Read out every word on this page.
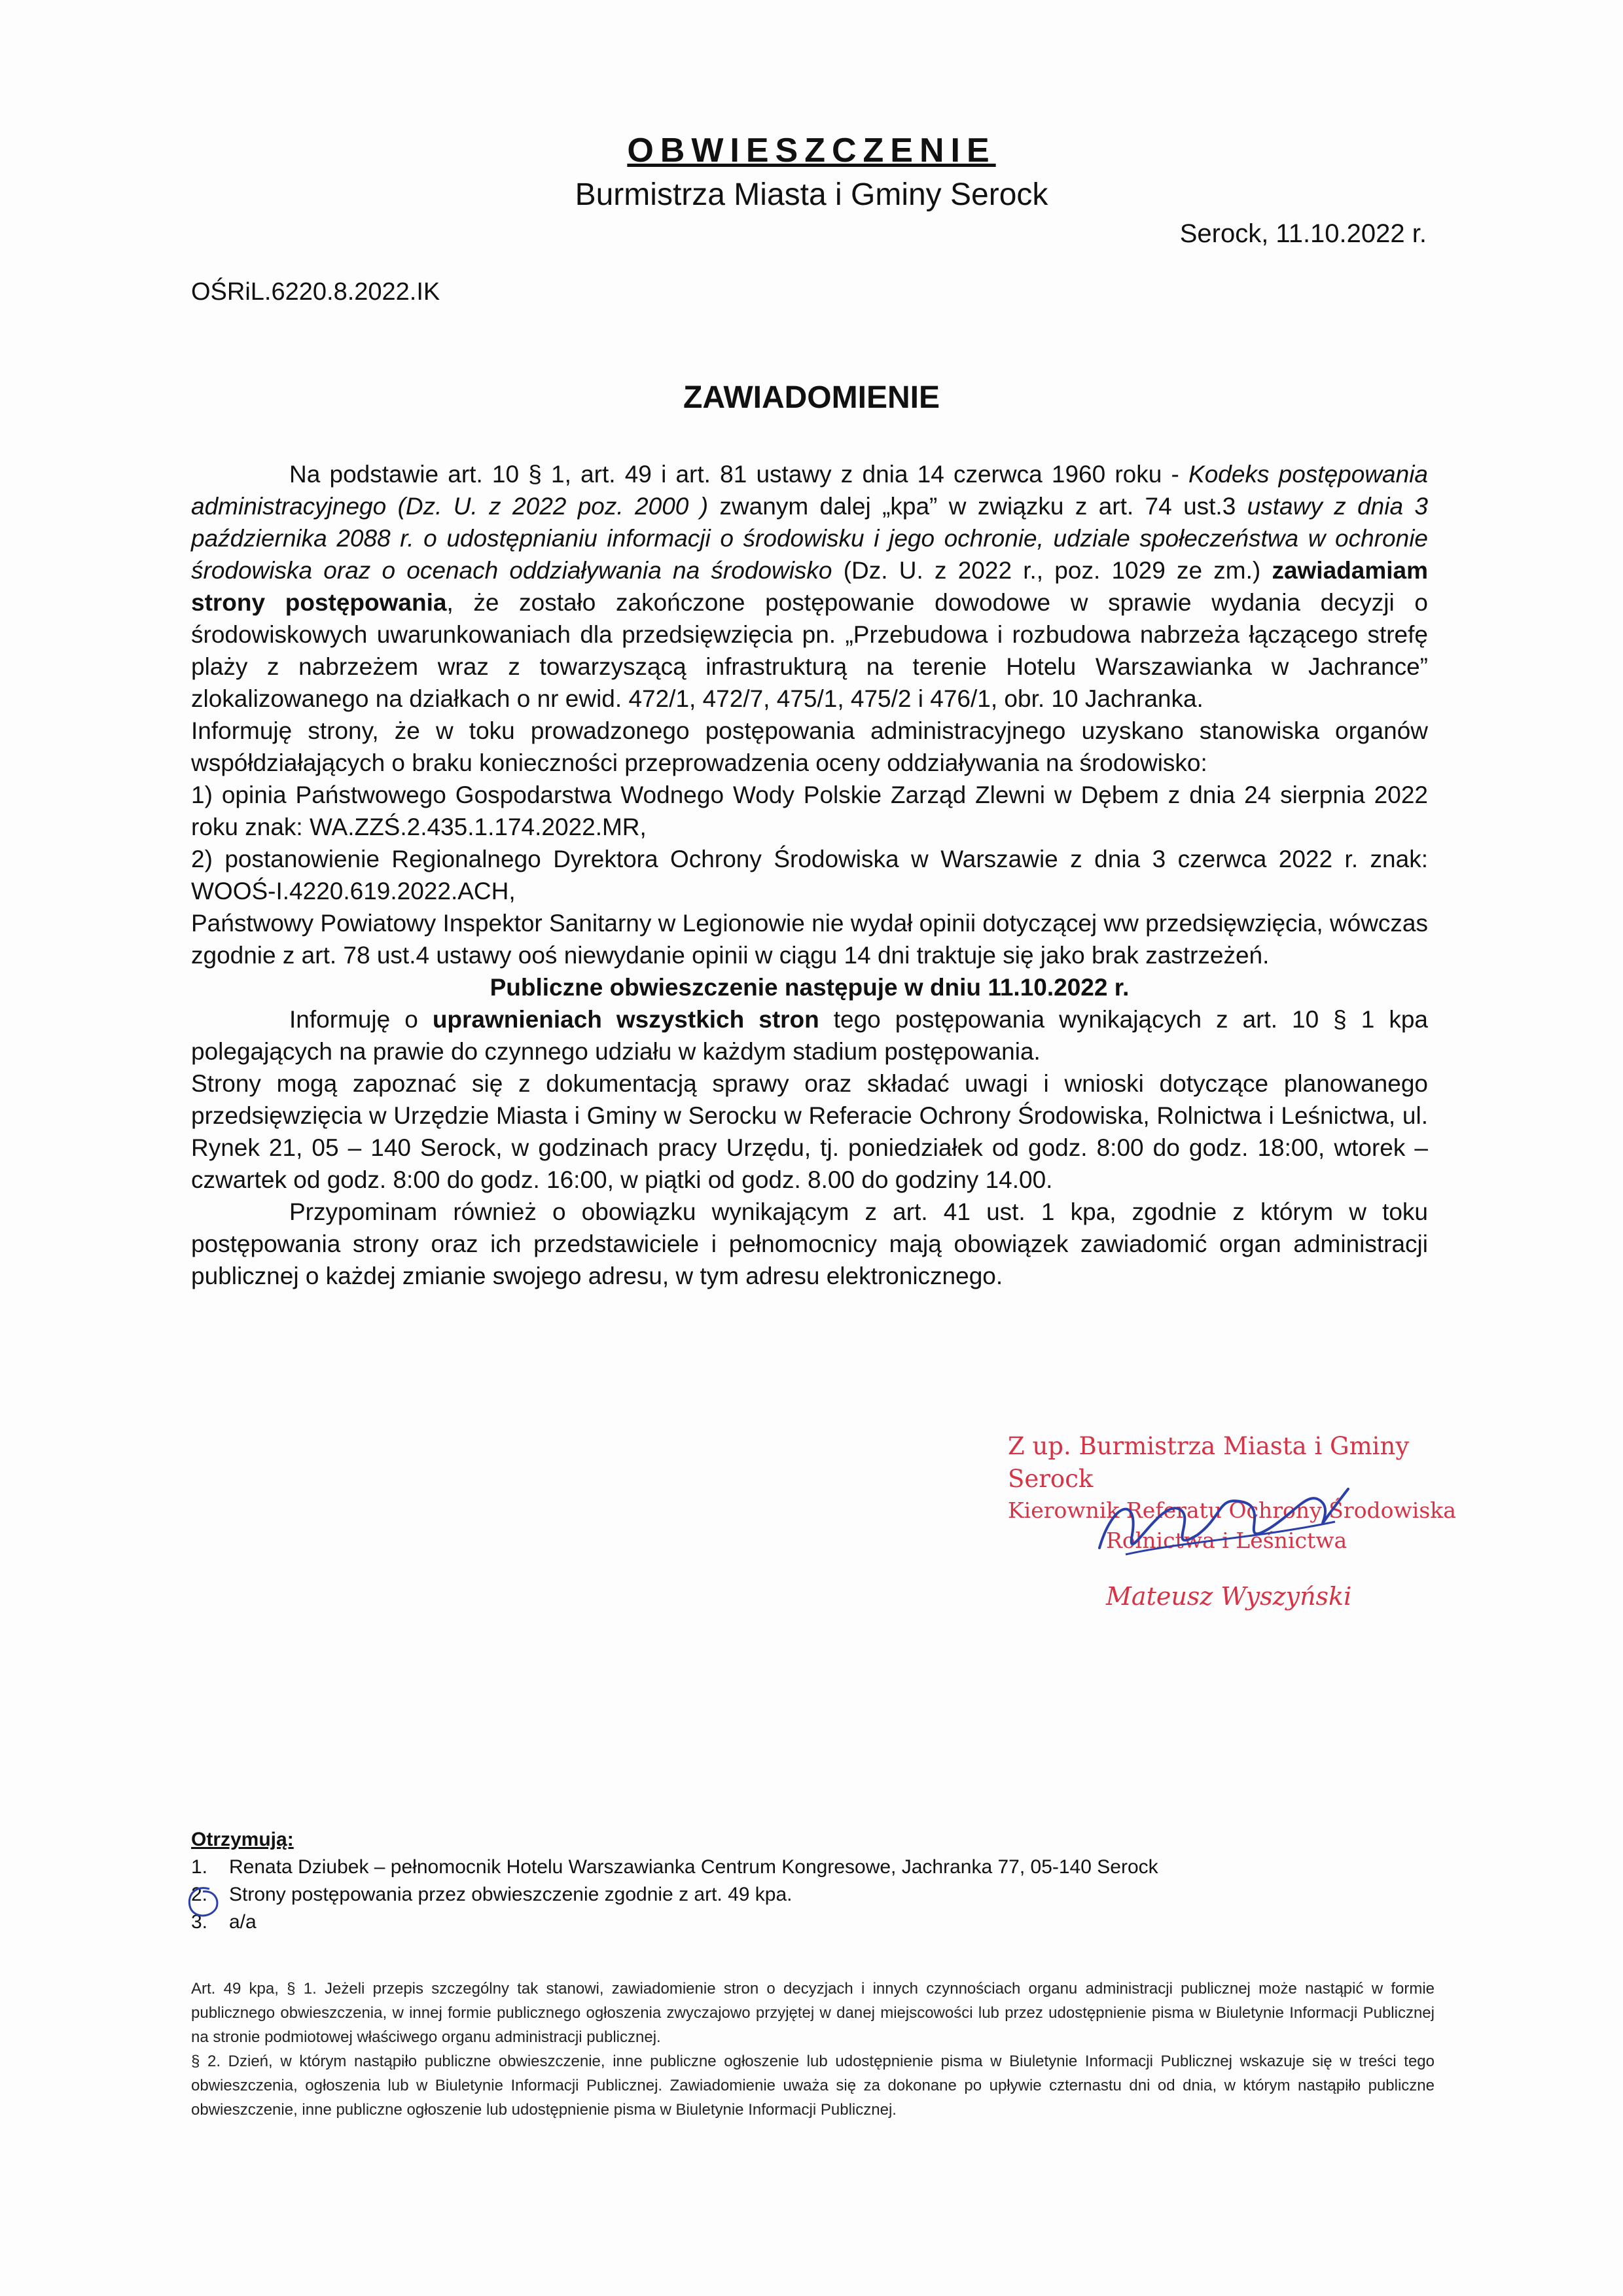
OBWIESZCZENIE
Burmistrza Miasta i Gminy Serock
Serock, 11.10.2022 r.
OŚRiL.6220.8.2022.IK
ZAWIADOMIENIE

Na podstawie art. 10 § 1, art. 49 i art. 81 ustawy z dnia 14 czerwca 1960 roku - Kodeks postępowania administracyjnego (Dz. U. z 2022 poz. 2000 ) zwanym dalej „kpa” w związku z art. 74 ust.3 ustawy z dnia 3 października 2088 r. o udostępnianiu informacji o środowisku i jego ochronie, udziale społeczeństwa w ochronie środowiska oraz o ocenach oddziaływania na środowisko (Dz. U. z 2022 r., poz. 1029 ze zm.) zawiadamiam strony postępowania, że zostało zakończone postępowanie dowodowe w sprawie wydania decyzji o środowiskowych uwarunkowaniach dla przedsięwzięcia pn. „Przebudowa i rozbudowa nabrzeża łączącego strefę plaży z nabrzeżem wraz z towarzyszącą infrastrukturą na terenie Hotelu Warszawianka w Jachrance” zlokalizowanego na działkach o nr ewid. 472/1, 472/7, 475/1, 475/2 i 476/1, obr. 10 Jachranka.

Informuję strony, że w toku prowadzonego postępowania administracyjnego uzyskano stanowiska organów współdziałających o braku konieczności przeprowadzenia oceny oddziaływania na środowisko:

1) opinia Państwowego Gospodarstwa Wodnego Wody Polskie Zarząd Zlewni w Dębem z dnia 24 sierpnia 2022 roku znak: WA.ZZŚ.2.435.1.174.2022.MR,

2) postanowienie Regionalnego Dyrektora Ochrony Środowiska w Warszawie z dnia 3 czerwca 2022 r. znak: WOOŚ-I.4220.619.2022.ACH,

Państwowy Powiatowy Inspektor Sanitarny w Legionowie nie wydał opinii dotyczącej ww przedsięwzięcia, wówczas zgodnie z art. 78 ust.4 ustawy ooś niewydanie opinii w ciągu 14 dni traktuje się jako brak zastrzeżeń.

Publiczne obwieszczenie następuje w dniu 11.10.2022 r.

Informuję o uprawnieniach wszystkich stron tego postępowania wynikających z art. 10 § 1 kpa polegających na prawie do czynnego udziału w każdym stadium postępowania.

Strony mogą zapoznać się z dokumentacją sprawy oraz składać uwagi i wnioski dotyczące planowanego przedsięwzięcia w Urzędzie Miasta i Gminy w Serocku w Referacie Ochrony Środowiska, Rolnictwa i Leśnictwa, ul. Rynek 21, 05 – 140 Serock, w godzinach pracy Urzędu, tj. poniedziałek od godz. 8:00 do godz. 18:00, wtorek – czwartek od godz. 8:00 do godz. 16:00, w piątki od godz. 8.00 do godziny 14.00.

Przypominam również o obowiązku wynikającym z art. 41 ust. 1 kpa, zgodnie z którym w toku postępowania strony oraz ich przedstawiciele i pełnomocnicy mają obowiązek zawiadomić organ administracji publicznej o każdej zmianie swojego adresu, w tym adresu elektronicznego.

Z up. Burmistrza Miasta i Gminy Serock
Kierownik Referatu Ochrony Środowiska
Rolnictwa i Leśnictwa
Mateusz Wyszyński
Otrzymują:
1.	Renata Dziubek – pełnomocnik Hotelu Warszawianka Centrum Kongresowe, Jachranka 77, 05-140 Serock
2.	Strony postępowania przez obwieszczenie zgodnie z art. 49 kpa.
3.	a/a

Art. 49 kpa, § 1. Jeżeli przepis szczególny tak stanowi, zawiadomienie stron o decyzjach i innych czynnościach organu administracji publicznej może nastąpić w formie publicznego obwieszczenia, w innej formie publicznego ogłoszenia zwyczajowo przyjętej w danej miejscowości lub przez udostępnienie pisma w Biuletynie Informacji Publicznej na stronie podmiotowej właściwego organu administracji publicznej.

§ 2. Dzień, w którym nastąpiło publiczne obwieszczenie, inne publiczne ogłoszenie lub udostępnienie pisma w Biuletynie Informacji Publicznej wskazuje się w treści tego obwieszczenia, ogłoszenia lub w Biuletynie Informacji Publicznej. Zawiadomienie uważa się za dokonane po upływie czternastu dni od dnia, w którym nastąpiło publiczne obwieszczenie, inne publiczne ogłoszenie lub udostępnienie pisma w Biuletynie Informacji Publicznej.
